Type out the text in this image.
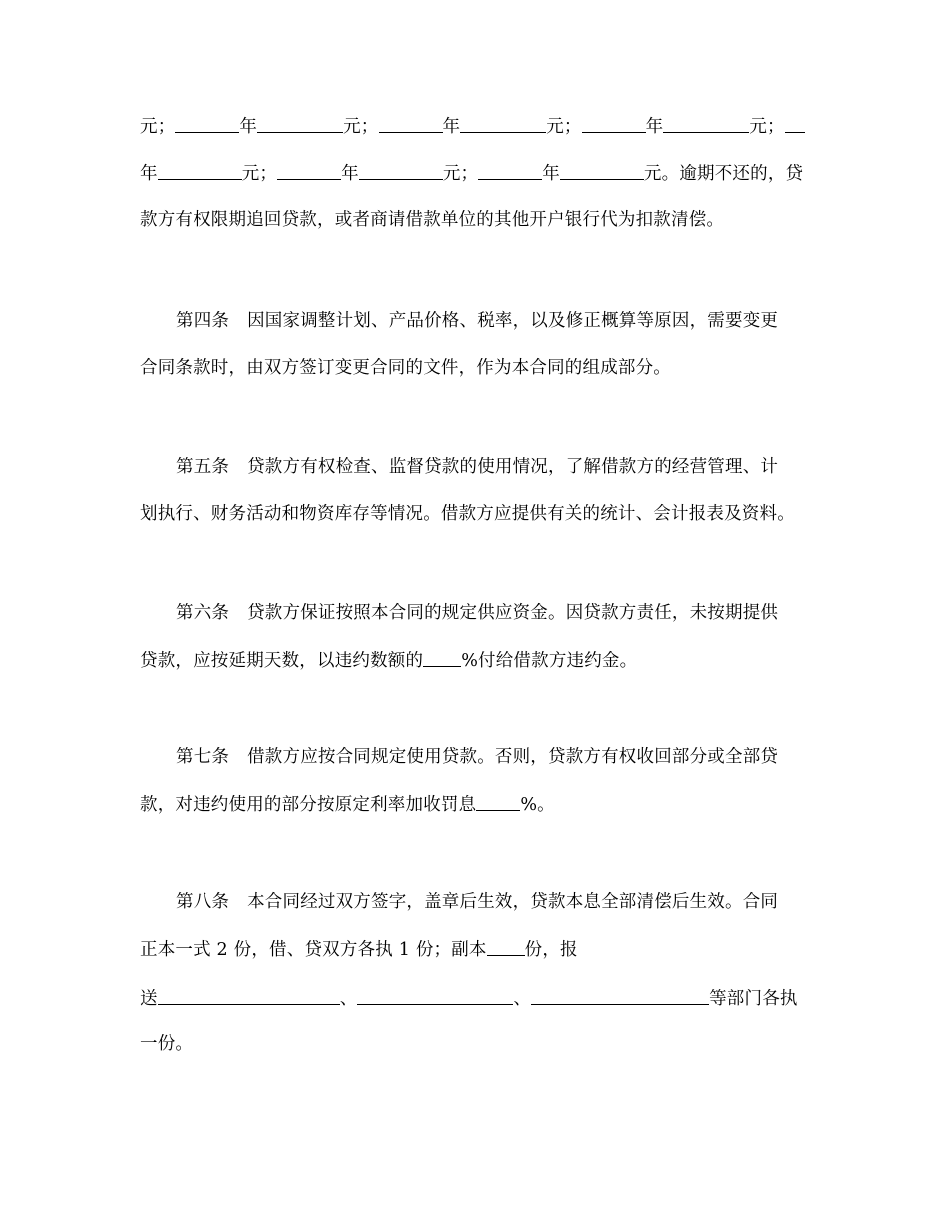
元；	年	元；	年	元；	年	元；
年	元；	年	元；	年	元。逾期不还的，贷
款方有权限期追回贷款，或者商请借款单位的其他开户银行代为扣款清偿。
第四条 因国家调整计划、产品价格、税率，以及修正概算等原因，需要变更
合同条款时，由双方签订变更合同的文件，作为本合同的组成部分。
第五条 贷款方有权检查、监督贷款的使用情况，了解借款方的经营管理、计
划执行、财务活动和物资库存等情况。借款方应提供有关的统计、会计报表及资料。
第六条 贷款方保证按照本合同的规定供应资金。因贷款方责任，未按期提供
贷款，应按延期天数，以违约数额的 %付给借款方违约金。
第七条 借款方应按合同规定使用贷款。否则，贷款方有权收回部分或全部贷
款，对违约使用的部分按原定利率加收罚息	%。
第八条 本合同经过双方签字，盖章后生效，贷款本息全部清偿后生效。合同
正本一式 2 份，借、贷双方各执 1 份；副本 份，报
送	、	、	等部门各执
一份。
